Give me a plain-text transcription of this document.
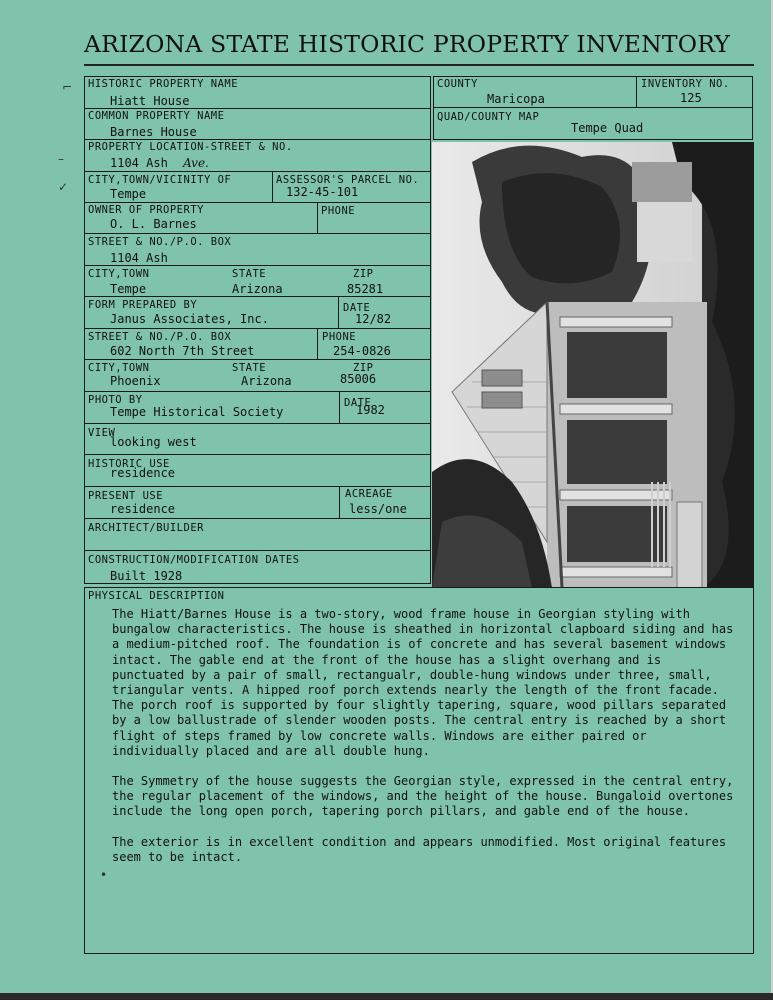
ARIZONA STATE HISTORIC PROPERTY INVENTORY
⌐
–
✓
HISTORIC PROPERTY NAME
Hiatt House
COMMON PROPERTY NAME
Barnes House
PROPERTY LOCATION-STREET & NO.
1104 Ash Ave.
CITY,TOWN/VICINITY OF
Tempe
ASSESSOR'S PARCEL NO.
132-45-101
OWNER OF PROPERTY
O. L. Barnes
PHONE
STREET & NO./P.O. BOX
1104 Ash
CITY,TOWN	STATE	ZIP
Tempe	Arizona	85281
FORM PREPARED BY
Janus Associates, Inc.
DATE
12/82
STREET & NO./P.O. BOX
602 North 7th Street
PHONE
254-0826
CITY,TOWN	STATE	ZIP
Phoenix	Arizona	85006
PHOTO BY
Tempe Historical Society
DATE
1982
VIEW
looking west
HISTORIC USE
residence
PRESENT USE
residence
ACREAGE
less/one
ARCHITECT/BUILDER
CONSTRUCTION/MODIFICATION DATES
Built 1928
COUNTY
Maricopa
INVENTORY NO.
125
QUAD/COUNTY MAP
Tempe Quad
PHYSICAL DESCRIPTION

The Hiatt/Barnes House is a two-story, wood frame house in Georgian styling with bungalow characteristics. The house is sheathed in horizontal clapboard siding and has a medium-pitched roof. The foundation is of concrete and has several basement windows intact. The gable end at the front of the house has a slight overhang and is punctuated by a pair of small, rectangualr, double-hung windows under three, small, triangular vents. A hipped roof porch extends nearly the length of the front facade. The porch roof is supported by four slightly tapering, square, wood pillars separated by a low ballustrade of slender wooden posts. The central entry is reached by a short flight of steps framed by low concrete walls. Windows are either paired or individually placed and are all double hung.

The Symmetry of the house suggests the Georgian style, expressed in the central entry, the regular placement of the windows, and the height of the house. Bungaloid overtones include the long open porch, tapering porch pillars, and gable end of the house.

The exterior is in excellent condition and appears unmodified. Most original features seem to be intact.

•
